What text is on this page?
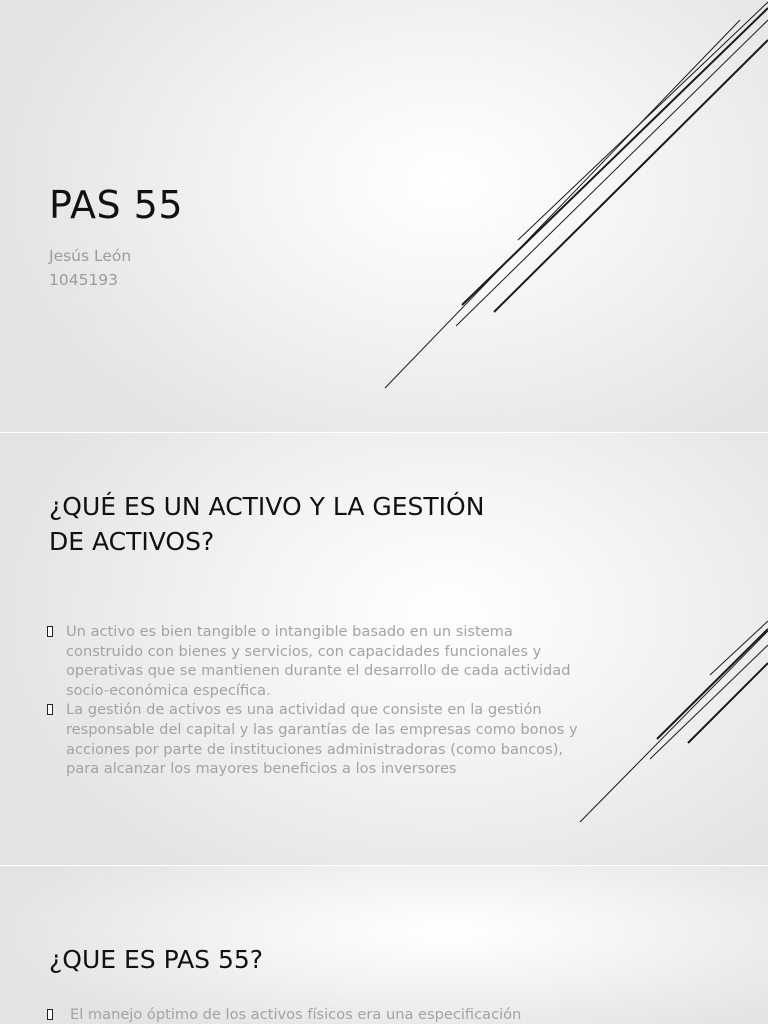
PAS 55
Jesús León
1045193
¿QUÉ ES UN ACTIVO Y LA GESTIÓN
DE ACTIVOS?
Un activo es bien tangible o intangible basado en un sistema construido con bienes y servicios, con capacidades funcionales y operativas que se mantienen durante el desarrollo de cada actividad socio-económica específica.
La gestión de activos es una actividad que consiste en la gestión responsable del capital y las garantías de las empresas como bonos y acciones por parte de instituciones administradoras (como bancos), para alcanzar los mayores beneficios a los inversores
¿QUE ES PAS 55?
El manejo óptimo de los activos físicos era una especificación
